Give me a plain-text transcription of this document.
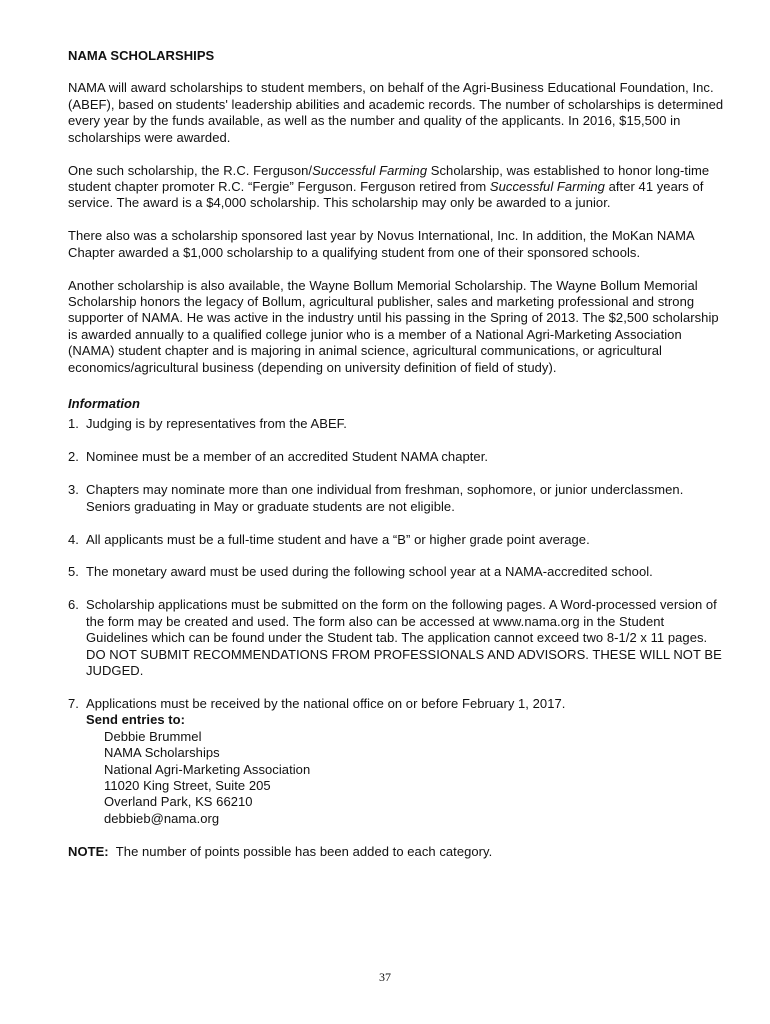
NAMA SCHOLARSHIPS

NAMA will award scholarships to student members, on behalf of the Agri-Business Educational Foundation, Inc. (ABEF), based on students' leadership abilities and academic records. The number of scholarships is determined every year by the funds available, as well as the number and quality of the applicants. In 2016, $15,500 in scholarships were awarded.

One such scholarship, the R.C. Ferguson/Successful Farming Scholarship, was established to honor long-time student chapter promoter R.C. “Fergie” Ferguson. Ferguson retired from Successful Farming after 41 years of service. The award is a $4,000 scholarship. This scholarship may only be awarded to a junior.

There also was a scholarship sponsored last year by Novus International, Inc. In addition, the MoKan NAMA Chapter awarded a $1,000 scholarship to a qualifying student from one of their sponsored schools.

Another scholarship is also available, the Wayne Bollum Memorial Scholarship. The Wayne Bollum Memorial Scholarship honors the legacy of Bollum, agricultural publisher, sales and marketing professional and strong supporter of NAMA. He was active in the industry until his passing in the Spring of 2013. The $2,500 scholarship is awarded annually to a qualified college junior who is a member of a National Agri-Marketing Association (NAMA) student chapter and is majoring in animal science, agricultural communications, or agricultural economics/agricultural business (depending on university definition of field of study).

Information
1. Judging is by representatives from the ABEF.
2. Nominee must be a member of an accredited Student NAMA chapter.
3. Chapters may nominate more than one individual from freshman, sophomore, or junior underclassmen. Seniors graduating in May or graduate students are not eligible.
4. All applicants must be a full-time student and have a “B” or higher grade point average.
5. The monetary award must be used during the following school year at a NAMA-accredited school.
6. Scholarship applications must be submitted on the form on the following pages. A Word-processed version of the form may be created and used. The form also can be accessed at www.nama.org in the Student Guidelines which can be found under the Student tab. The application cannot exceed two 8-1/2 x 11 pages. DO NOT SUBMIT RECOMMENDATIONS FROM PROFESSIONALS AND ADVISORS. THESE WILL NOT BE JUDGED.
7. Applications must be received by the national office on or before February 1, 2017.
Send entries to:
Debbie Brummel
NAMA Scholarships
National Agri-Marketing Association
11020 King Street, Suite 205
Overland Park, KS 66210
debbieb@nama.org

NOTE:  The number of points possible has been added to each category.

37
